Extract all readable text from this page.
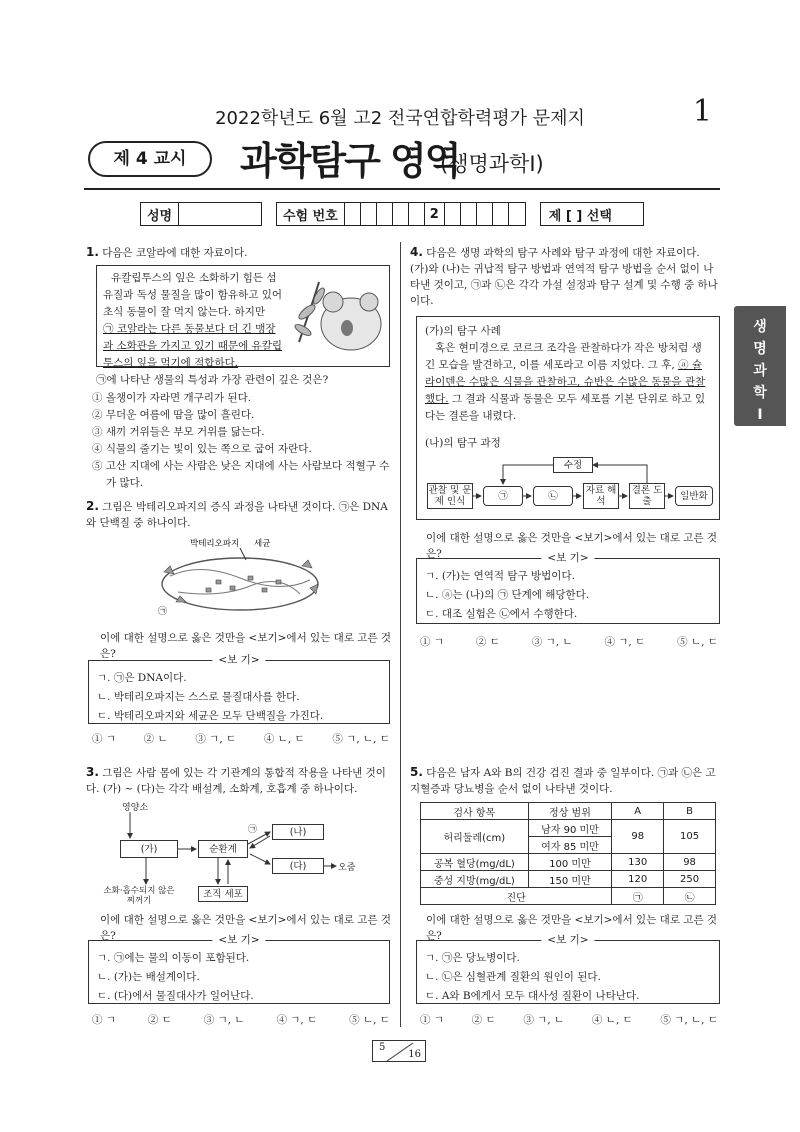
2022학년도 6월 고2 전국연합학력평가 문제지	1
제 4 교시	과학탐구 영역
(생명과학Ⅰ)
성명	수험 번호	2	제 [ ] 선택
생
명
과
학
Ⅰ
1. 다음은 코알라에 대한 자료이다.
유칼립투스의 잎은 소화하기 힘든 섬유질과 독성 물질을 많이 함유하고 있어 초식 동물이 잘 먹지 않는다. 하지만
㉠ 코알라는 다른 동물보다 더 긴 맹장과 소화관을 가지고 있기 때문에 유칼립투스의 잎을 먹기에 적합하다.
㉠에 나타난 생물의 특성과 가장 관련이 깊은 것은?
① 올챙이가 자라면 개구리가 된다.
② 무더운 여름에 땀을 많이 흘린다.
③ 새끼 거위들은 부모 거위를 닮는다.
④ 식물의 줄기는 빛이 있는 쪽으로 굽어 자란다.
⑤ 고산 지대에 사는 사람은 낮은 지대에 사는 사람보다 적혈구 수가 많다.
2. 그림은 박테리오파지의 증식 과정을 나타낸 것이다. ㉠은 DNA와 단백질 중 하나이다.
박테리오파지 세균
㉠
이에 대한 설명으로 옳은 것만을 <보기>에서 있는 대로 고른 것은?	<보 기>
ㄱ. ㉠은 DNA이다.
ㄴ. 박테리오파지는 스스로 물질대사를 한다.
ㄷ. 박테리오파지와 세균은 모두 단백질을 가진다.
① ㄱ	② ㄴ	③ ㄱ, ㄷ	④ ㄴ, ㄷ	⑤ ㄱ, ㄴ, ㄷ
3. 그림은 사람 몸에 있는 각 기관계의 통합적 작용을 나타낸 것이다. (가) ~ (다)는 각각 배설계, 소화계, 호흡계 중 하나이다.
영양소
(가)	순환계
(나)
(다)	오줌
㉠
소화·흡수되지 않은 찌꺼기
조직 세포
이에 대한 설명으로 옳은 것만을 <보기>에서 있는 대로 고른 것은?	<보 기>
ㄱ. ㉠에는 물의 이동이 포함된다.
ㄴ. (가)는 배설계이다.
ㄷ. (다)에서 물질대사가 일어난다.
① ㄱ	② ㄷ	③ ㄱ, ㄴ	④ ㄱ, ㄷ	⑤ ㄴ, ㄷ
4. 다음은 생명 과학의 탐구 사례와 탐구 과정에 대한 자료이다. (가)와 (나)는 귀납적 탐구 방법과 연역적 탐구 방법을 순서 없이 나타낸 것이고, ㉠과 ㉡은 각각 가설 설정과 탐구 설계 및 수행 중 하나이다.
(가)의 탐구 사례
혹은 현미경으로 코르크 조각을 관찰하다가 작은 방처럼 생긴 모습을 발견하고, 이를 세포라고 이름 지었다. 그 후, ⓐ 슐라이덴은 수많은 식물을 관찰하고, 슈반은 수많은 동물을 관찰했다. 그 결과 식물과 동물은 모두 세포를 기본 단위로 하고 있다는 결론을 내렸다.
(나)의 탐구 과정
수정
관찰 및 문제 인식	㉠	㉡	자료 해석
결론 도출	일반화
이에 대한 설명으로 옳은 것만을 <보기>에서 있는 대로 고른 것은?	<보 기>
ㄱ. (가)는 연역적 탐구 방법이다.
ㄴ. ⓐ는 (나)의 ㉠ 단계에 해당한다.
ㄷ. 대조 실험은 ㉡에서 수행한다.
① ㄱ	② ㄷ	③ ㄱ, ㄴ	④ ㄱ, ㄷ	⑤ ㄴ, ㄷ
5. 다음은 남자 A와 B의 건강 검진 결과 중 일부이다. ㉠과 ㉡은 고지혈증과 당뇨병을 순서 없이 나타낸 것이다.
검사 항목	정상 범위	A	B
허리둘레(cm)	남자 90 미만	98	105
	여자 85 미만		
공복 혈당(mg/dL)	100 미만	130	98
중성 지방(mg/dL)	150 미만	120	250
진단		㉠	㉡
이에 대한 설명으로 옳은 것만을 <보기>에서 있는 대로 고른 것은?	<보 기>
ㄱ. ㉠은 당뇨병이다.
ㄴ. ㉡은 심혈관계 질환의 원인이 된다.
ㄷ. A와 B에게서 모두 대사성 질환이 나타난다.
① ㄱ	② ㄷ	③ ㄱ, ㄴ	④ ㄴ, ㄷ	⑤ ㄱ, ㄴ, ㄷ
5
16
